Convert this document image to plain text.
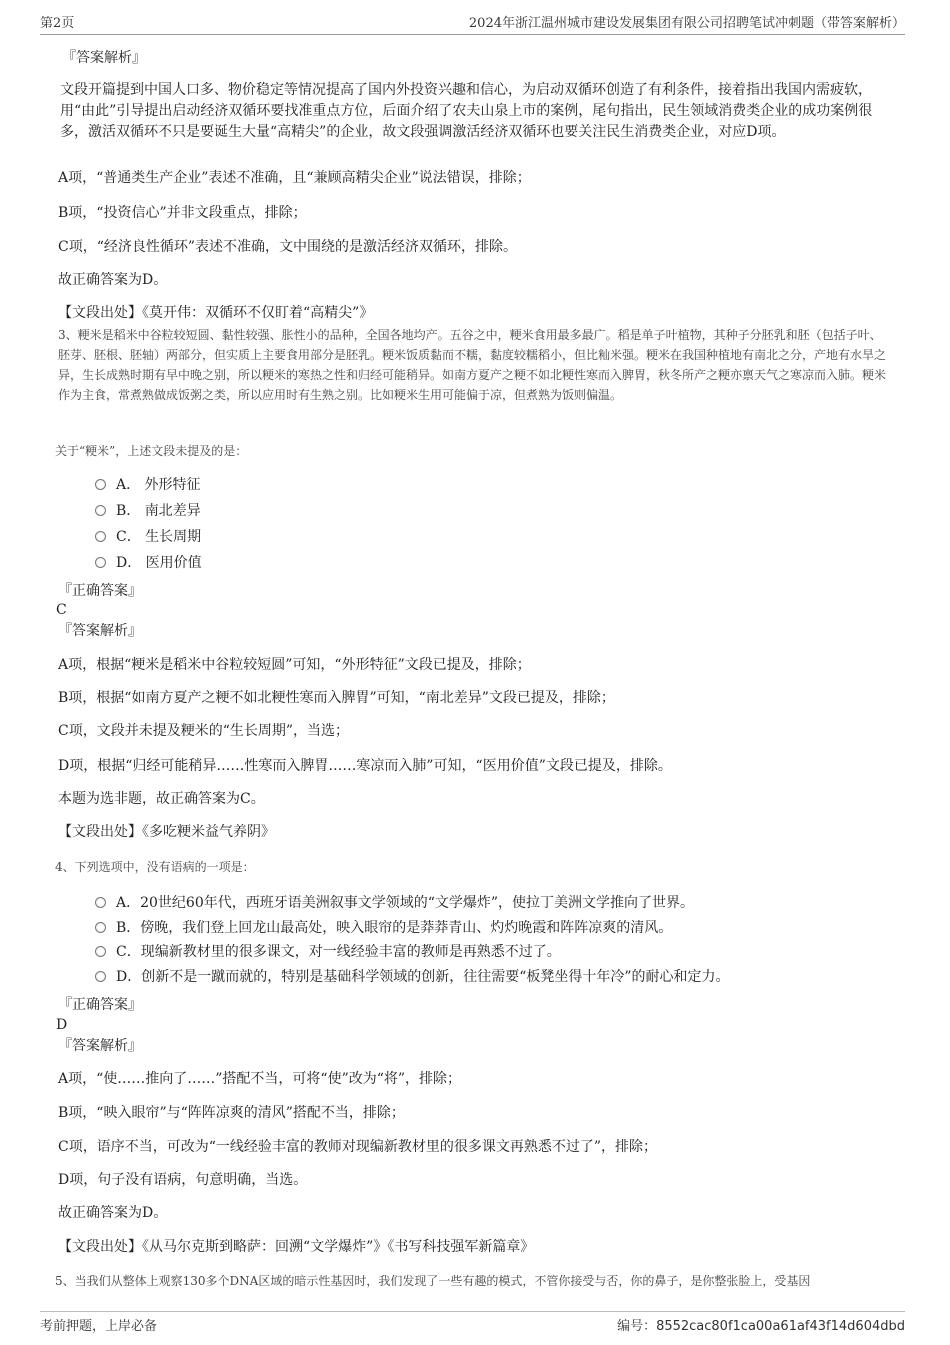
第2页	2024年浙江温州城市建设发展集团有限公司招聘笔试冲刺题（带答案解析）
『答案解析』
文段开篇提到中国人口多、物价稳定等情况提高了国内外投资兴趣和信心，为启动双循环创造了有利条件，接着指出我国内需疲软，用“由此”引导提出启动经济双循环要找准重点方位，后面介绍了农夫山泉上市的案例，尾句指出，民生领域消费类企业的成功案例很多，激活双循环不只是要诞生大量“高精尖”的企业，故文段强调激活经济双循环也要关注民生消费类企业，对应D项。
A项，“普通类生产企业”表述不准确，且“兼顾高精尖企业”说法错误，排除；
B项，“投资信心”并非文段重点，排除；
C项，“经济良性循环”表述不准确，文中围绕的是激活经济双循环，排除。
故正确答案为D。
【文段出处】《莫开伟：双循环不仅盯着“高精尖”》
3、粳米是稻米中谷粒较短圆、黏性较强、胀性小的品种，全国各地均产。五谷之中，粳米食用最多最广。稻是单子叶植物，其种子分胚乳和胚（包括子叶、胚芽、胚根、胚轴）两部分，但实质上主要食用部分是胚乳。粳米饭质黏而不糯，黏度较糯稻小，但比籼米强。粳米在我国种植地有南北之分，产地有水旱之异，生长成熟时期有早中晚之别，所以粳米的寒热之性和归经可能稍异。如南方夏产之粳不如北粳性寒而入脾胃，秋冬所产之粳亦禀天气之寒凉而入肺。粳米作为主食，常煮熟做成饭粥之类，所以应用时有生熟之别。比如粳米生用可能偏于凉，但煮熟为饭则偏温。
关于“粳米”，上述文段未提及的是：
A． 外形特征
B． 南北差异
C． 生长周期
D． 医用价值
『正确答案』
C
『答案解析』
A项，根据“粳米是稻米中谷粒较短圆”可知，“外形特征”文段已提及，排除；
B项，根据“如南方夏产之粳不如北粳性寒而入脾胃”可知，“南北差异”文段已提及，排除；
C项，文段并未提及粳米的“生长周期”，当选；
D项，根据“归经可能稍异……性寒而入脾胃……寒凉而入肺”可知，“医用价值”文段已提及，排除。
本题为选非题，故正确答案为C。
【文段出处】《多吃粳米益气养阴》
4、下列选项中，没有语病的一项是：
A．20世纪60年代，西班牙语美洲叙事文学领域的“文学爆炸”，使拉丁美洲文学推向了世界。
B．傍晚，我们登上回龙山最高处，映入眼帘的是莽莽青山、灼灼晚霞和阵阵凉爽的清风。
C．现编新教材里的很多课文，对一线经验丰富的教师是再熟悉不过了。
D．创新不是一蹴而就的，特别是基础科学领域的创新，往往需要“板凳坐得十年冷”的耐心和定力。
『正确答案』
D
『答案解析』
A项，“使……推向了……”搭配不当，可将“使”改为“将”，排除；
B项，“映入眼帘”与“阵阵凉爽的清风”搭配不当，排除；
C项，语序不当，可改为“一线经验丰富的教师对现编新教材里的很多课文再熟悉不过了”，排除；
D项，句子没有语病，句意明确，当选。
故正确答案为D。
【文段出处】《从马尔克斯到略萨：回溯“文学爆炸”》《书写科技强军新篇章》
5、当我们从整体上观察130多个DNA区域的暗示性基因时，我们发现了一些有趣的模式，不管你接受与否，你的鼻子，是你整张脸上，受基因
考前押题，上岸必备	编号：8552cac80f1ca00a61af43f14d604dbd
